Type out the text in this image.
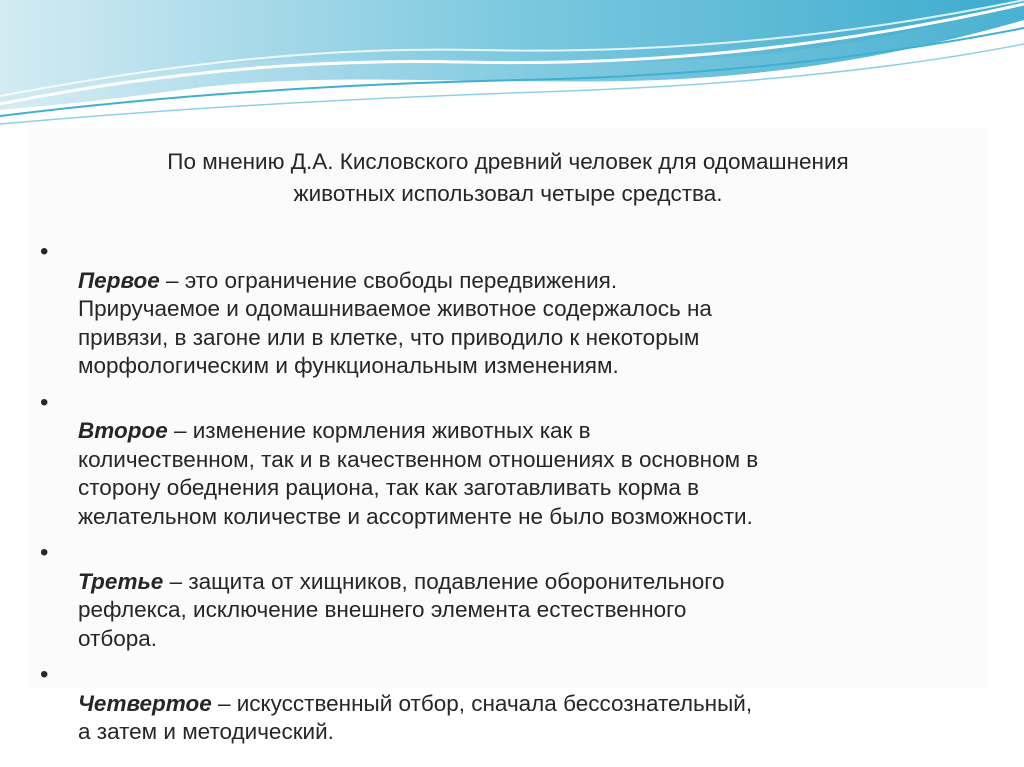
По мнению Д.А. Кисловского древний человек для одомашнения
животных использовал четыре средства.

•
Первое – это ограничение свободы передвижения.
Приручаемое и одомашниваемое животное содержалось на
привязи, в загоне или в клетке, что приводило к некоторым
морфологическим и функциональным изменениям.

•
Второе – изменение кормления животных как в
количественном, так и в качественном отношениях в основном в
сторону обеднения рациона, так как заготавливать корма в
желательном количестве и ассортименте не было возможности.

•
Третье – защита от хищников, подавление оборонительного
рефлекса, исключение внешнего элемента естественного
отбора.

•
Четвертое – искусственный отбор, сначала бессознательный,
а затем и методический.
